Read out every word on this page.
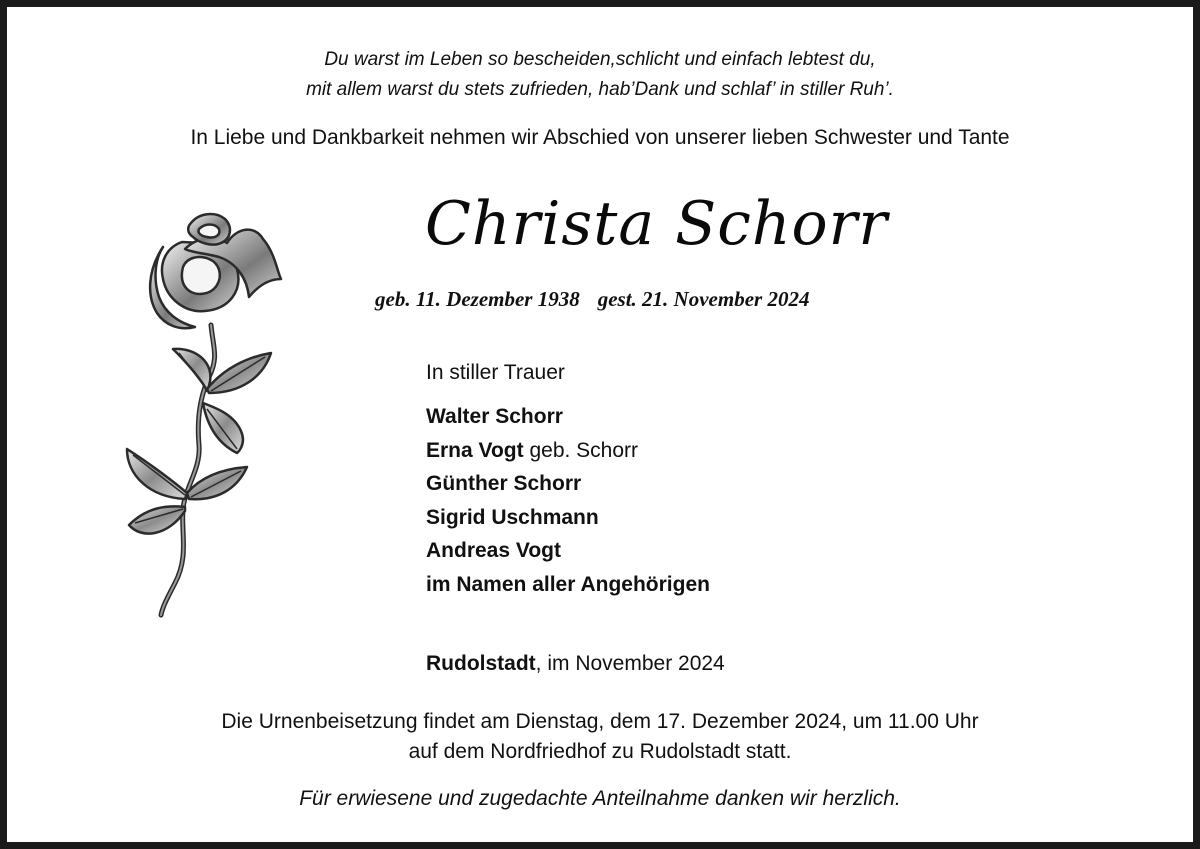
Du warst im Leben so bescheiden,schlicht und einfach lebtest du,
mit allem warst du stets zufrieden, hab’Dank und schlaf’ in stiller Ruh’.
In Liebe und Dankbarkeit nehmen wir Abschied von unserer lieben Schwester und Tante
Christa Schorr
geb. 11. Dezember 1938 gest. 21. November 2024
In stiller Trauer
Walter Schorr
Erna Vogt geb. Schorr
Günther Schorr
Sigrid Uschmann
Andreas Vogt
im Namen aller Angehörigen
Rudolstadt, im November 2024
Die Urnenbeisetzung findet am Dienstag, dem 17. Dezember 2024, um 11.00 Uhr
auf dem Nordfriedhof zu Rudolstadt statt.
Für erwiesene und zugedachte Anteilnahme danken wir herzlich.
